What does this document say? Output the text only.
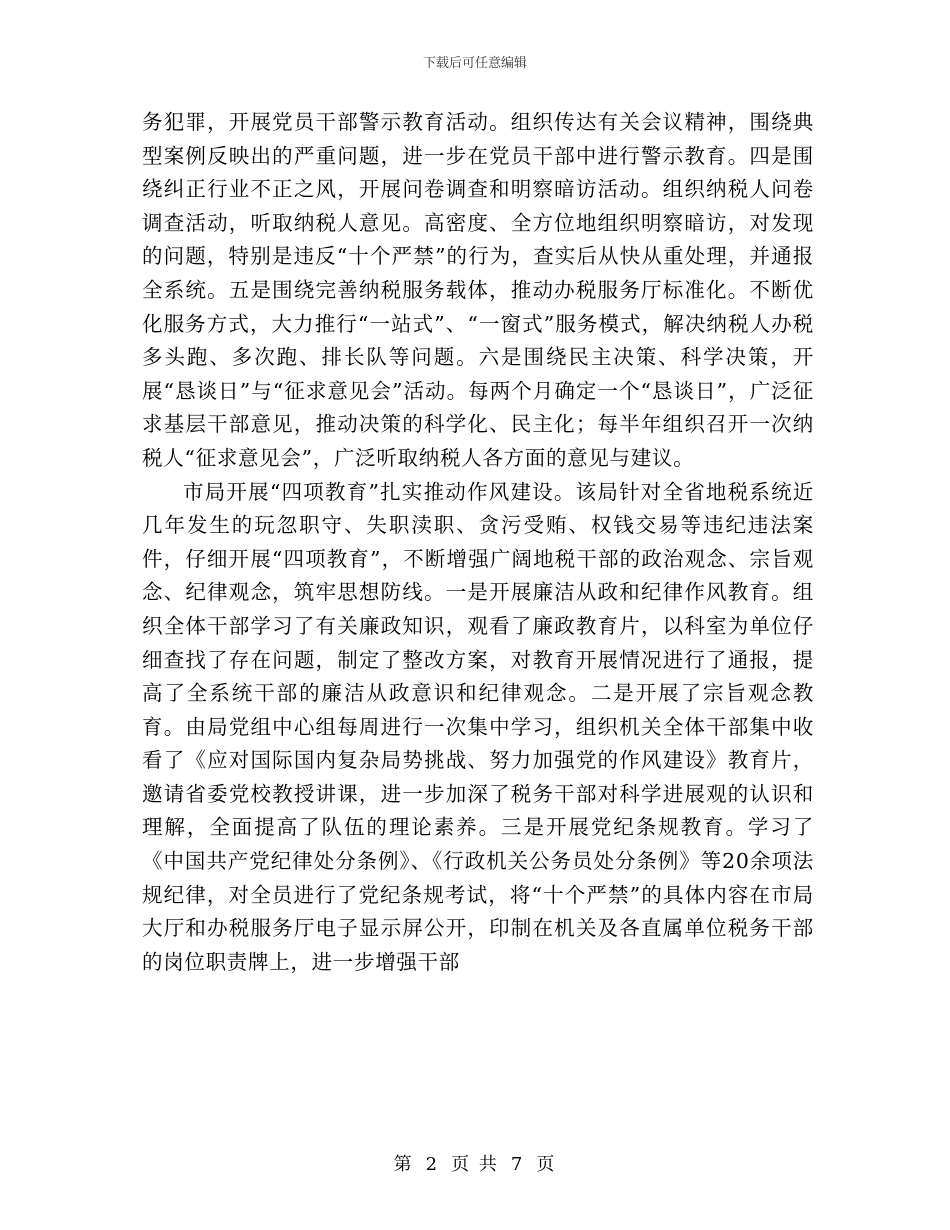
下载后可任意编辑

务犯罪，开展党员干部警示教育活动。组织传达有关会议精神，围绕典型案例反映出的严重问题，进一步在党员干部中进行警示教育。四是围绕纠正行业不正之风，开展问卷调查和明察暗访活动。组织纳税人问卷调查活动，听取纳税人意见。高密度、全方位地组织明察暗访，对发现的问题，特别是违反“十个严禁”的行为，查实后从快从重处理，并通报全系统。五是围绕完善纳税服务载体，推动办税服务厅标准化。不断优化服务方式，大力推行“一站式”、“一窗式”服务模式，解决纳税人办税多头跑、多次跑、排长队等问题。六是围绕民主决策、科学决策，开展“恳谈日”与“征求意见会”活动。每两个月确定一个“恳谈日”，广泛征求基层干部意见，推动决策的科学化、民主化；每半年组织召开一次纳税人“征求意见会”，广泛听取纳税人各方面的意见与建议。

市局开展“四项教育”扎实推动作风建设。该局针对全省地税系统近几年发生的玩忽职守、失职渎职、贪污受贿、权钱交易等违纪违法案件，仔细开展“四项教育”，不断增强广阔地税干部的政治观念、宗旨观念、纪律观念，筑牢思想防线。一是开展廉洁从政和纪律作风教育。组织全体干部学习了有关廉政知识，观看了廉政教育片，以科室为单位仔细查找了存在问题，制定了整改方案，对教育开展情况进行了通报，提高了全系统干部的廉洁从政意识和纪律观念。二是开展了宗旨观念教育。由局党组中心组每周进行一次集中学习，组织机关全体干部集中收看了《应对国际国内复杂局势挑战、努力加强党的作风建设》教育片，邀请省委党校教授讲课，进一步加深了税务干部对科学进展观的认识和理解，全面提高了队伍的理论素养。三是开展党纪条规教育。学习了《中国共产党纪律处分条例》、《行政机关公务员处分条例》等20余项法规纪律，对全员进行了党纪条规考试，将“十个严禁”的具体内容在市局大厅和办税服务厅电子显示屏公开，印制在机关及各直属单位税务干部的岗位职责牌上，进一步增强干部

第 2 页 共 7 页
